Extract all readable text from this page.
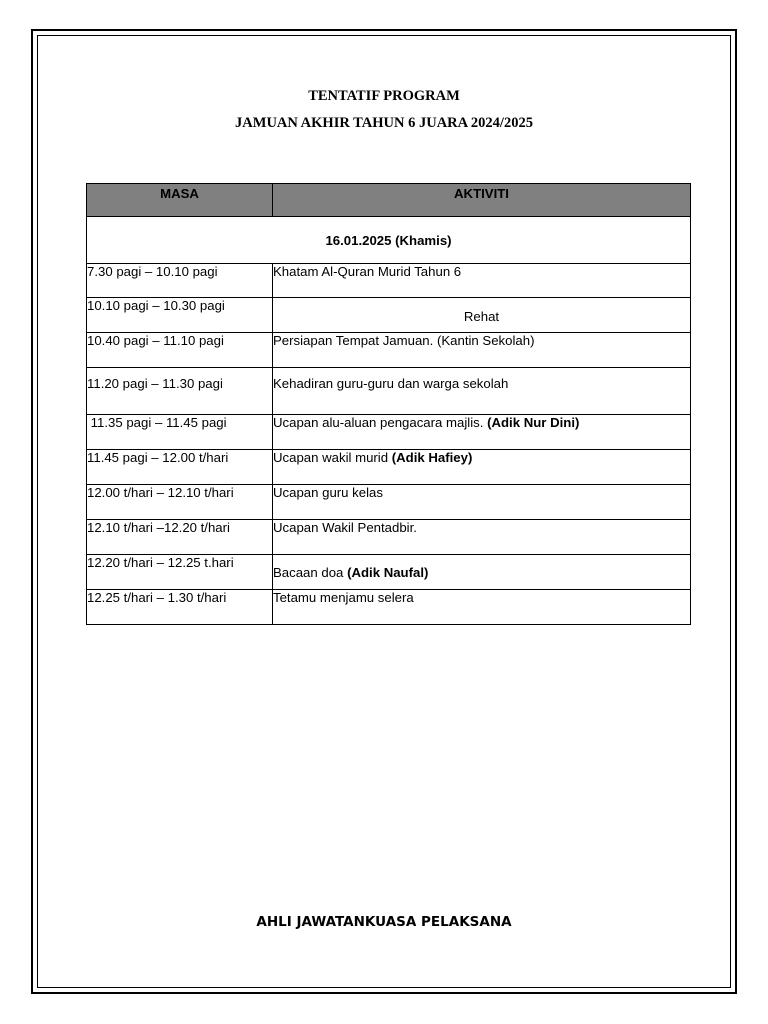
TENTATIF PROGRAM
JAMUAN AKHIR TAHUN 6 JUARA 2024/2025
MASA	AKTIVITI
16.01.2025 (Khamis)	
7.30 pagi – 10.10 pagi	Khatam Al-Quran Murid Tahun 6
10.10 pagi – 10.30 pagi	Rehat
10.40 pagi – 11.10 pagi	Persiapan Tempat Jamuan. (Kantin Sekolah)
11.20 pagi – 11.30 pagi	Kehadiran guru-guru dan warga sekolah
11.35 pagi – 11.45 pagi	Ucapan alu-aluan pengacara majlis. (Adik Nur Dini)
11.45 pagi – 12.00 t/hari	Ucapan wakil murid (Adik Hafiey)
12.00 t/hari – 12.10 t/hari	Ucapan guru kelas
12.10 t/hari –12.20 t/hari	Ucapan Wakil Pentadbir.
12.20 t/hari – 12.25 t.hari	Bacaan doa (Adik Naufal)
12.25 t/hari – 1.30 t/hari	Tetamu menjamu selera
AHLI JAWATANKUASA PELAKSANA
